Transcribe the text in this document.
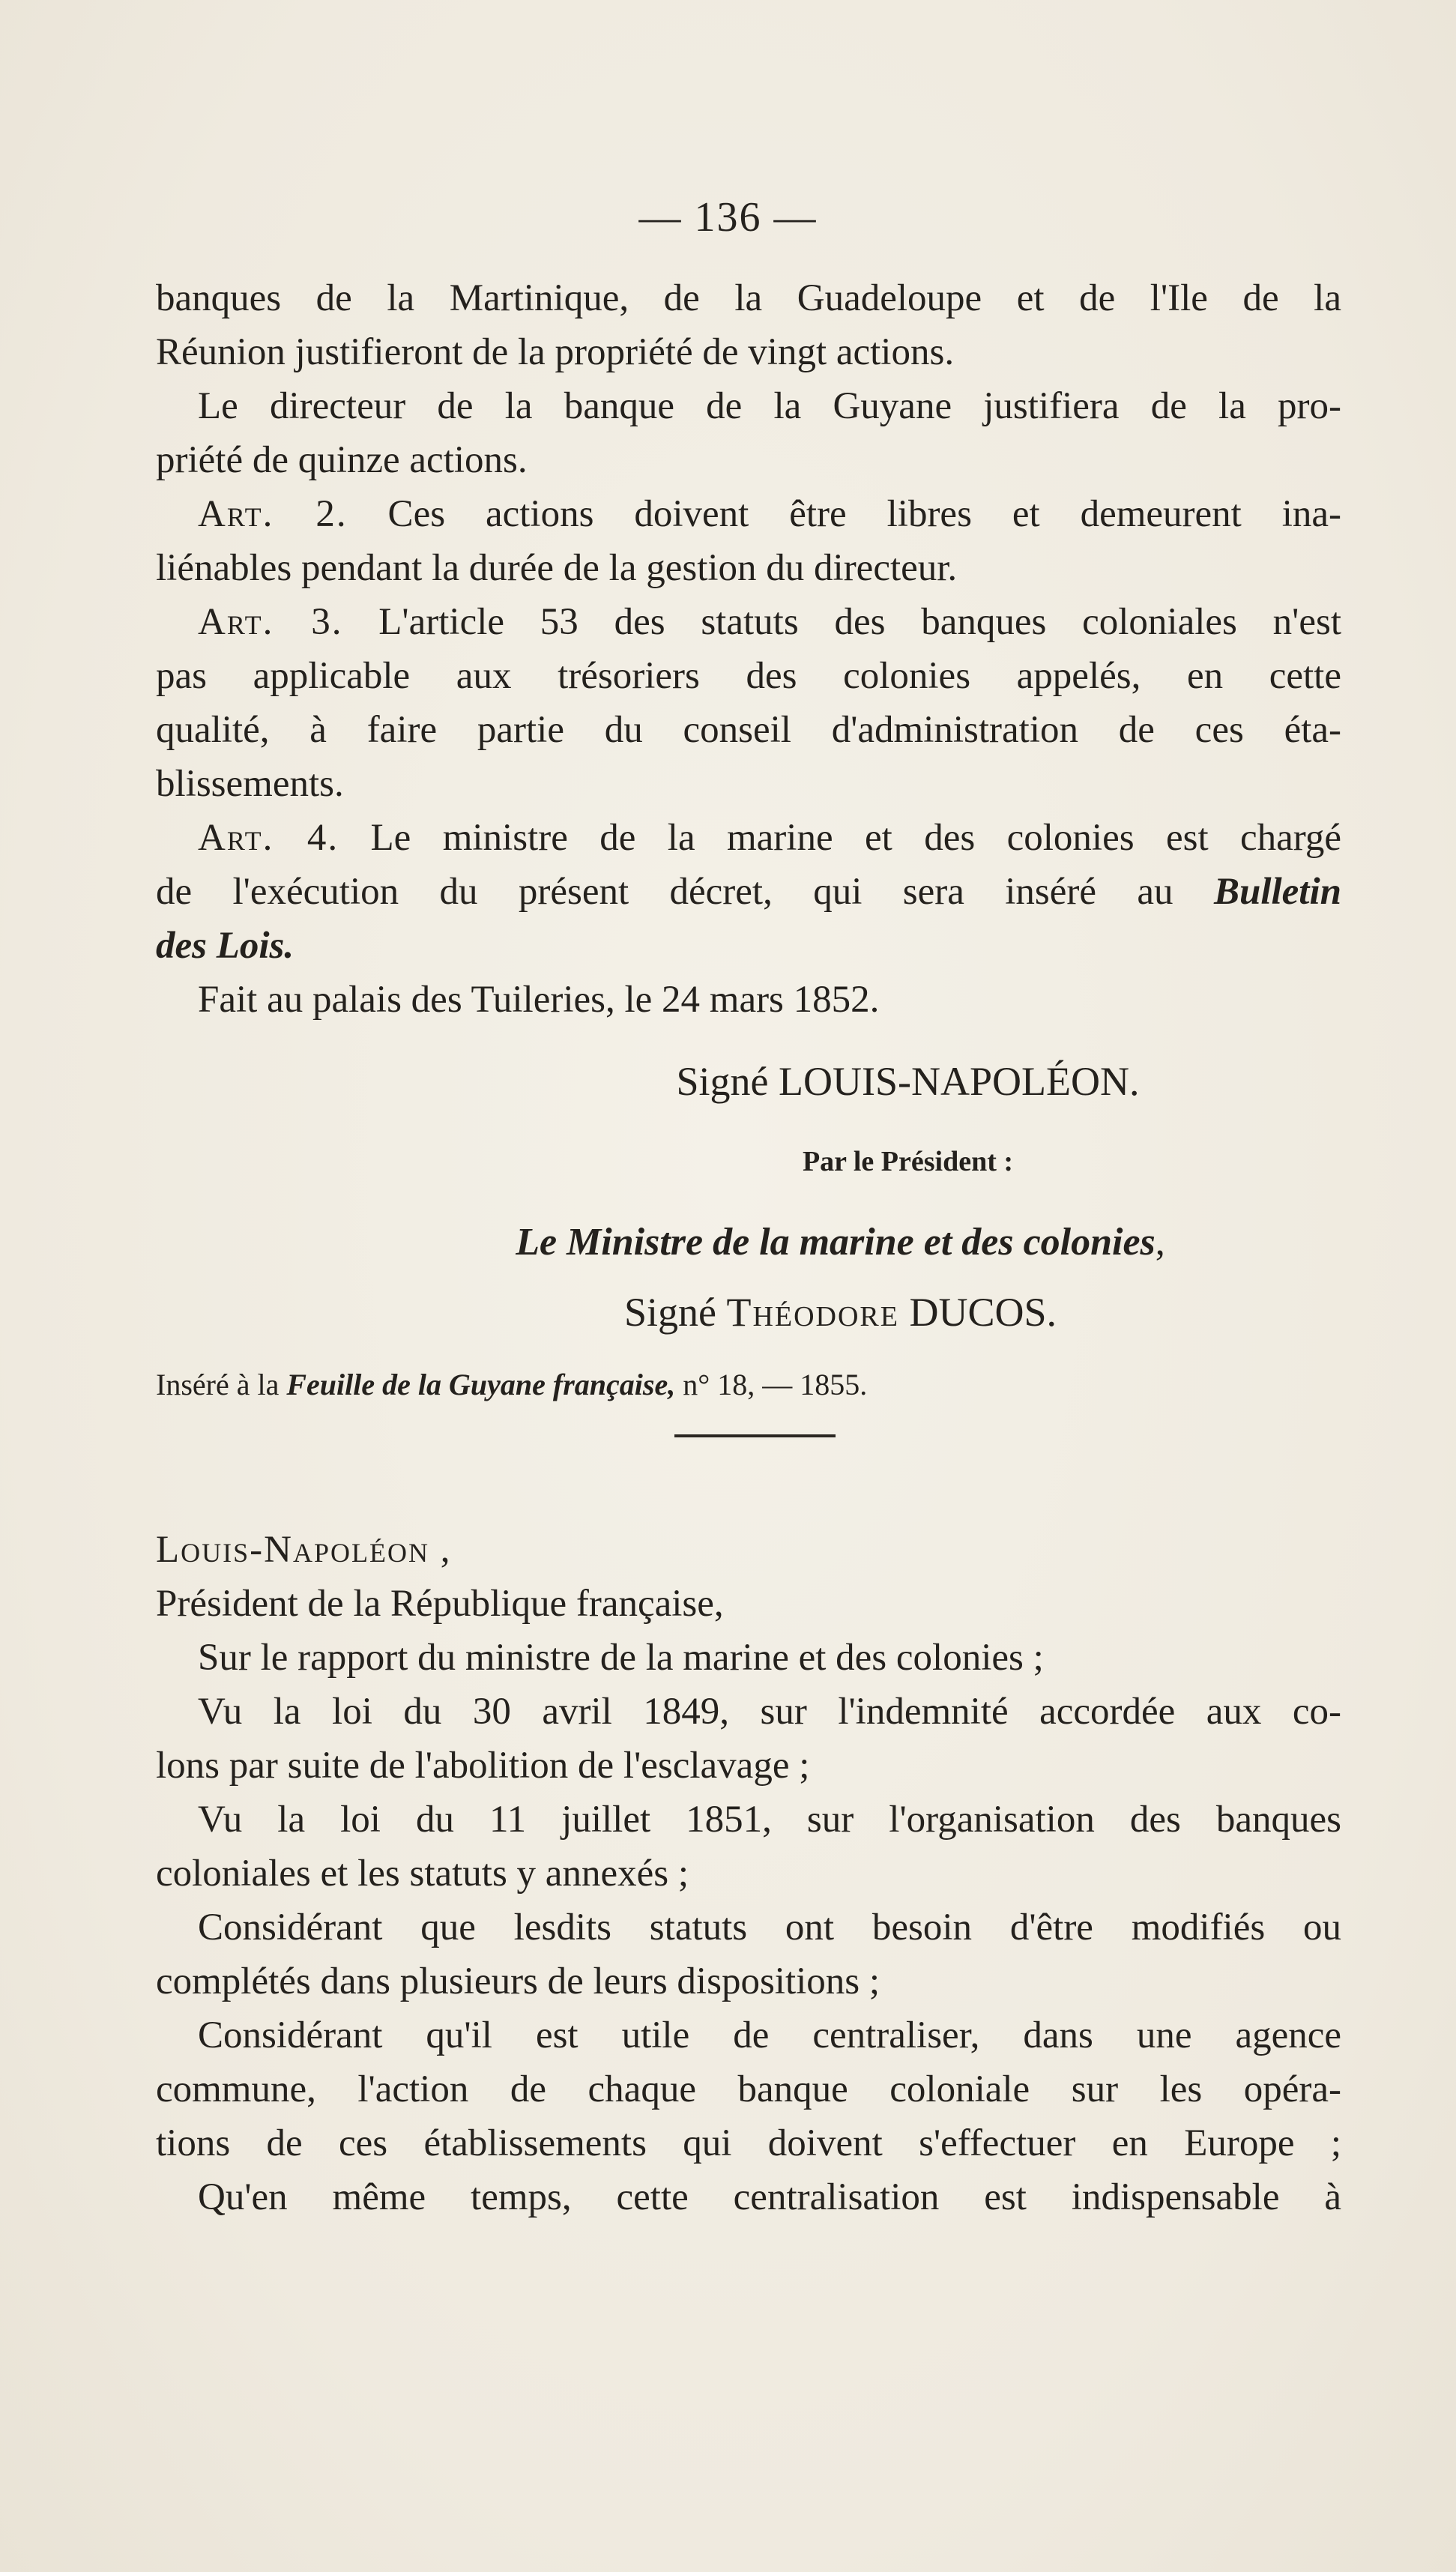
— 136 —
banques de la Martinique, de la Guadeloupe et de l'Ile de la
Réunion justifieront de la propriété de vingt actions.
Le directeur de la banque de la Guyane justifiera de la pro-
priété de quinze actions.
Art. 2. Ces actions doivent être libres et demeurent ina-
liénables pendant la durée de la gestion du directeur.
Art. 3. L'article 53 des statuts des banques coloniales n'est
pas applicable aux trésoriers des colonies appelés, en cette
qualité, à faire partie du conseil d'administration de ces éta-
blissements.
Art. 4. Le ministre de la marine et des colonies est chargé
de l'exécution du présent décret, qui sera inséré au Bulletin
des Lois.
Fait au palais des Tuileries, le 24 mars 1852.
Signé LOUIS-NAPOLÉON.
Par le Président :
Le Ministre de la marine et des colonies,
Signé Théodore DUCOS.
Inséré à la Feuille de la Guyane française, n° 18, — 1855.
Louis-Napoléon ,
Président de la République française,
Sur le rapport du ministre de la marine et des colonies ;
Vu la loi du 30 avril 1849, sur l'indemnité accordée aux co-
lons par suite de l'abolition de l'esclavage ;
Vu la loi du 11 juillet 1851, sur l'organisation des banques
coloniales et les statuts y annexés ;
Considérant que lesdits statuts ont besoin d'être modifiés ou
complétés dans plusieurs de leurs dispositions ;
Considérant qu'il est utile de centraliser, dans une agence
commune, l'action de chaque banque coloniale sur les opéra-
tions de ces établissements qui doivent s'effectuer en Europe ;
Qu'en même temps, cette centralisation est indispensable à
